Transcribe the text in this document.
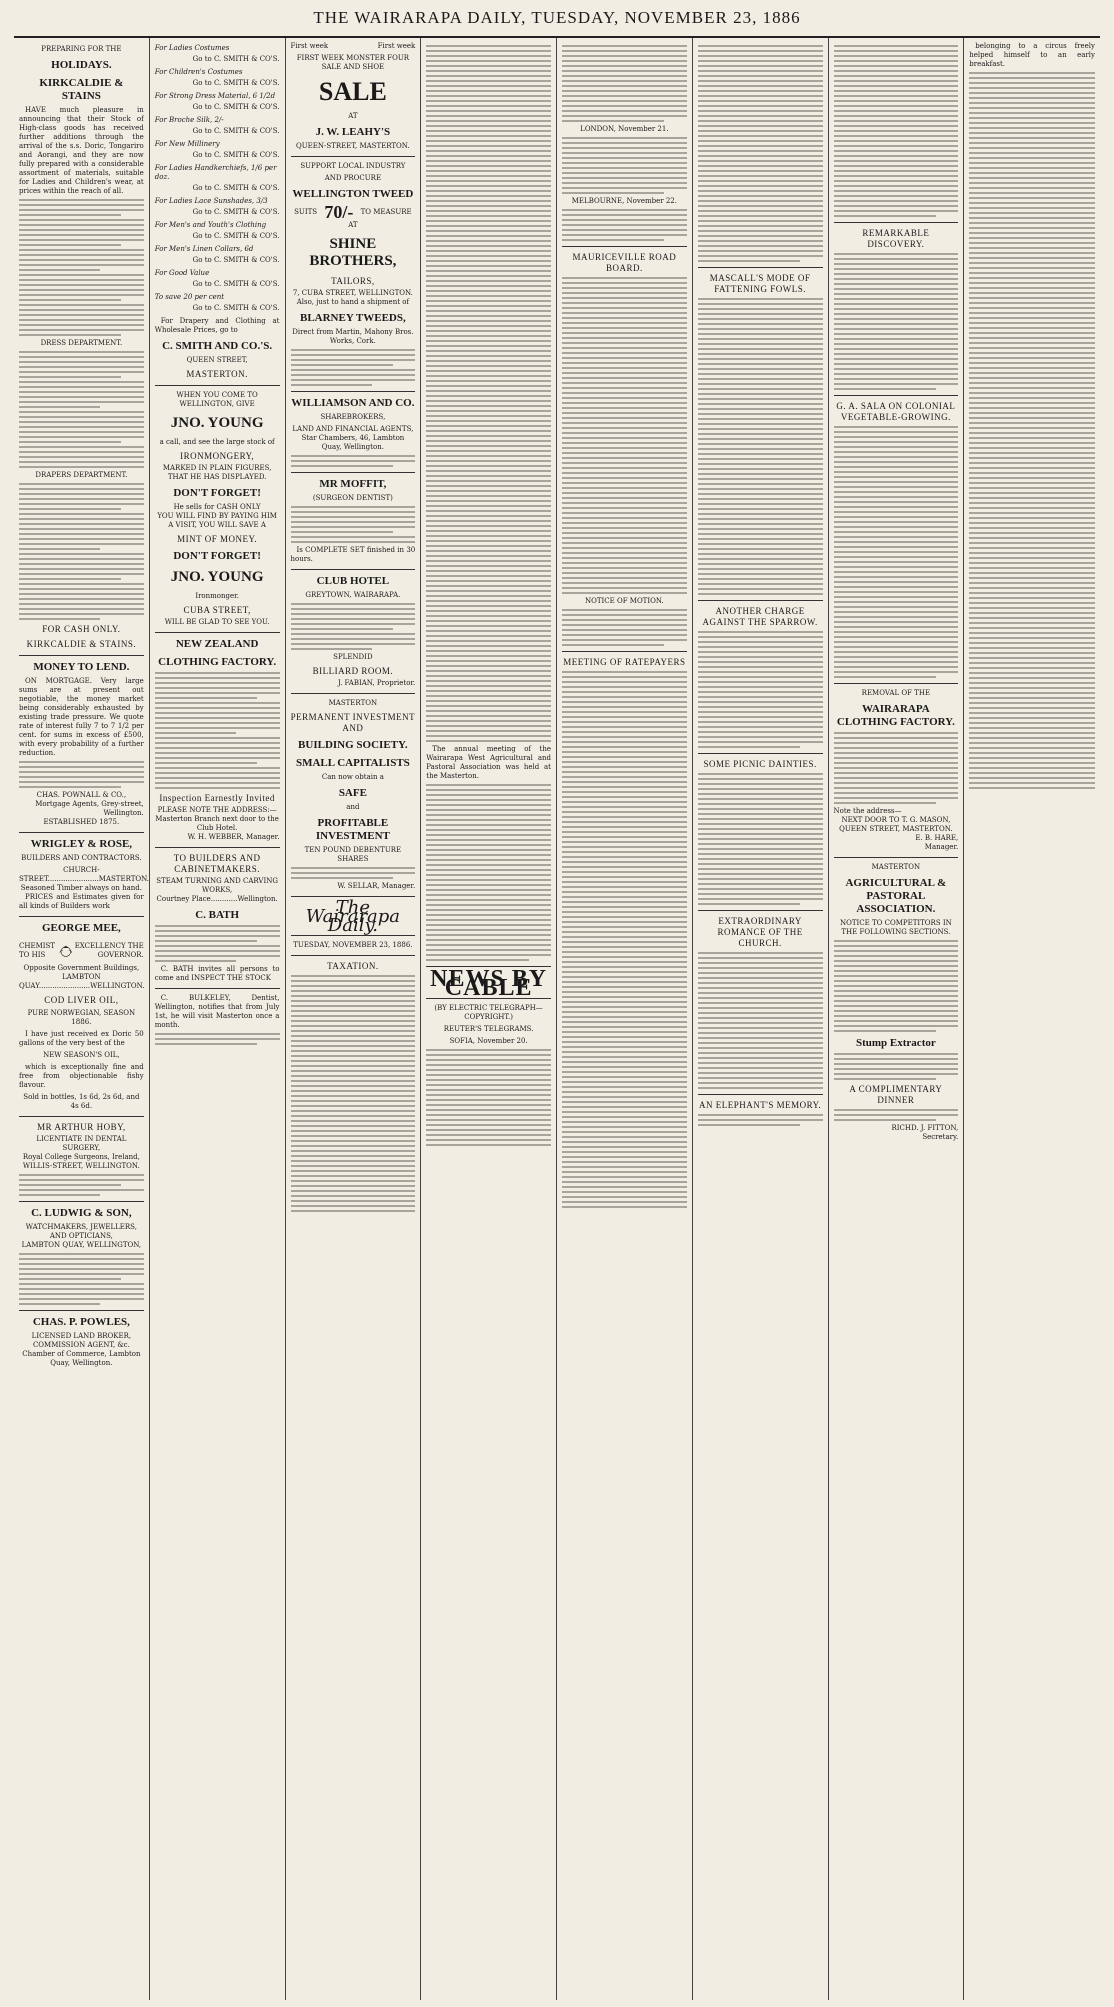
THE WAIRARAPA DAILY, TUESDAY, NOVEMBER 23, 1886
PREPARING FOR THE
HOLIDAYS.
KIRKCALDIE & STAINS

HAVE much pleasure in announcing that their Stock of High-class goods has received further additions through the arrival of the s.s. Doric, Tongariro and Aorangi, and they are now fully prepared with a considerable assortment of materials, suitable for Ladies and Children's wear, at prices within the reach of all.

DRESS DEPARTMENT.
DRAPERS DEPARTMENT.
FOR CASH ONLY.
KIRKCALDIE & STAINS.
MONEY TO LEND.

ON MORTGAGE. Very large sums are at present out negotiable, the money market being considerably exhausted by existing trade pressure. We quote rate of interest fully 7 to 7 1/2 per cent. for sums in excess of £500, with every probability of a further reduction.

CHAS. POWNALL & CO.,
Mortgage Agents, Grey-street, Wellington.
ESTABLISHED 1875.
WRIGLEY & ROSE,
BUILDERS AND CONTRACTORS.
CHURCH-STREET.......................MASTERTON.
Seasoned Timber always on hand.

PRICES and Estimates given for all kinds of Builders work

GEORGE MEE,
CHEMIST TO HIS
EXCELLENCY THE GOVERNOR.
Opposite Government Buildings,
LAMBTON QUAY.......................WELLINGTON.
COD LIVER OIL,
PURE NORWEGIAN, SEASON 1886.

I have just received ex Doric 50 gallons of the very best of the

NEW SEASON'S OIL,

which is exceptionally fine and free from objectionable fishy flavour.

Sold in bottles, 1s 6d, 2s 6d, and 4s 6d.
MR ARTHUR HOBY,
LICENTIATE IN DENTAL SURGERY,
Royal College Surgeons, Ireland,
WILLIS-STREET, WELLINGTON.
C. LUDWIG & SON,
WATCHMAKERS, JEWELLERS, AND OPTICIANS,
LAMBTON QUAY, WELLINGTON,
CHAS. P. POWLES,
LICENSED LAND BROKER, COMMISSION AGENT, &c.
Chamber of Commerce, Lambton Quay, Wellington.
For Ladies Costumes
Go to C. SMITH & CO'S.
For Children's Costumes
Go to C. SMITH & CO'S.
For Strong Dress Material, 6 1/2d
Go to C. SMITH & CO'S.
For Broche Silk, 2/-
Go to C. SMITH & CO'S.
For New Millinery
Go to C. SMITH & CO'S.
For Ladies Handkerchiefs, 1/6 per doz.
Go to C. SMITH & CO'S.
For Ladies Lace Sunshades, 3/3
Go to C. SMITH & CO'S.
For Men's and Youth's Clothing
Go to C. SMITH & CO'S.
For Men's Linen Collars, 6d
Go to C. SMITH & CO'S.
For Good Value
Go to C. SMITH & CO'S.
To save 20 per cent
Go to C. SMITH & CO'S.

For Drapery and Clothing at Wholesale Prices, go to

C. SMITH AND CO.'S.
QUEEN STREET,
MASTERTON.
WHEN YOU COME TO WELLINGTON, GIVE
JNO. YOUNG
a call, and see the large stock of
IRONMONGERY,
MARKED IN PLAIN FIGURES, THAT HE HAS DISPLAYED.
DON'T FORGET!
He sells for CASH ONLY
YOU WILL FIND BY PAYING HIM A VISIT, YOU WILL SAVE A
MINT OF MONEY.
DON'T FORGET!
JNO. YOUNG
Ironmonger.
CUBA STREET,
WILL BE GLAD TO SEE YOU.
NEW ZEALAND
CLOTHING FACTORY.
Inspection Earnestly Invited
PLEASE NOTE THE ADDRESS:—
Masterton Branch next door to the Club Hotel.
W. H. WEBBER, Manager.
TO BUILDERS AND CABINETMAKERS.
STEAM TURNING AND CARVING WORKS,
Courtney Place............Wellington.
C. BATH

C. BATH invites all persons to come and INSPECT THE STOCK

C. BULKELEY, Dentist, Wellington, notifies that from July 1st, he will visit Masterton once a month.

First week	First week
FIRST WEEK MONSTER FOUR SALE AND SHOE
SALE
AT
J. W. LEAHY'S
QUEEN-STREET, MASTERTON.
SUPPORT LOCAL INDUSTRY
AND PROCURE
WELLINGTON TWEED
SUITS 70/- TO MEASURE
AT
SHINE BROTHERS,
TAILORS,
7, CUBA STREET, WELLINGTON.
Also, just to hand a shipment of
BLARNEY TWEEDS,
Direct from Martin, Mahony Bros. Works, Cork.
WILLIAMSON AND CO.
SHAREBROKERS,
LAND AND FINANCIAL AGENTS,
Star Chambers, 46, Lambton Quay, Wellington.
MR MOFFIT,
(SURGEON DENTIST)

Is COMPLETE SET finished in 30 hours.

CLUB HOTEL
GREYTOWN, WAIRARAPA.
SPLENDID
BILLIARD ROOM.
J. FABIAN, Proprietor.
MASTERTON
PERMANENT INVESTMENT AND
BUILDING SOCIETY.
SMALL CAPITALISTS
Can now obtain a
SAFE
and
PROFITABLE INVESTMENT
TEN POUND DEBENTURE SHARES
W. SELLAR, Manager.
The Wairarapa Daily.
TUESDAY, NOVEMBER 23, 1886.
TAXATION.

The annual meeting of the Wairarapa West Agricultural and Pastoral Association was held at the Masterton.

NEWS BY CABLE
(BY ELECTRIC TELEGRAPH—COPYRIGHT.)
REUTER'S TELEGRAMS.
SOFIA, November 20.
LONDON, November 21.
MELBOURNE, November 22.
MAURICEVILLE ROAD BOARD.
NOTICE OF MOTION.
MEETING OF RATEPAYERS
MASCALL'S MODE OF FATTENING FOWLS.
ANOTHER CHARGE AGAINST THE SPARROW.
SOME PICNIC DAINTIES.
EXTRAORDINARY ROMANCE OF THE CHURCH.
AN ELEPHANT'S MEMORY.
REMARKABLE DISCOVERY.
G. A. SALA ON COLONIAL VEGETABLE-GROWING.
REMOVAL OF THE
WAIRARAPA CLOTHING FACTORY.
Note the address—
NEXT DOOR TO T. G. MASON,
QUEEN STREET, MASTERTON.
E. B. HARE,
Manager.
MASTERTON
AGRICULTURAL & PASTORAL ASSOCIATION.
NOTICE TO COMPETITORS IN THE FOLLOWING SECTIONS.
Stump Extractor
A COMPLIMENTARY DINNER
RICHD. J. FITTON,
Secretary.

belonging to a circus freely helped himself to an early breakfast.
